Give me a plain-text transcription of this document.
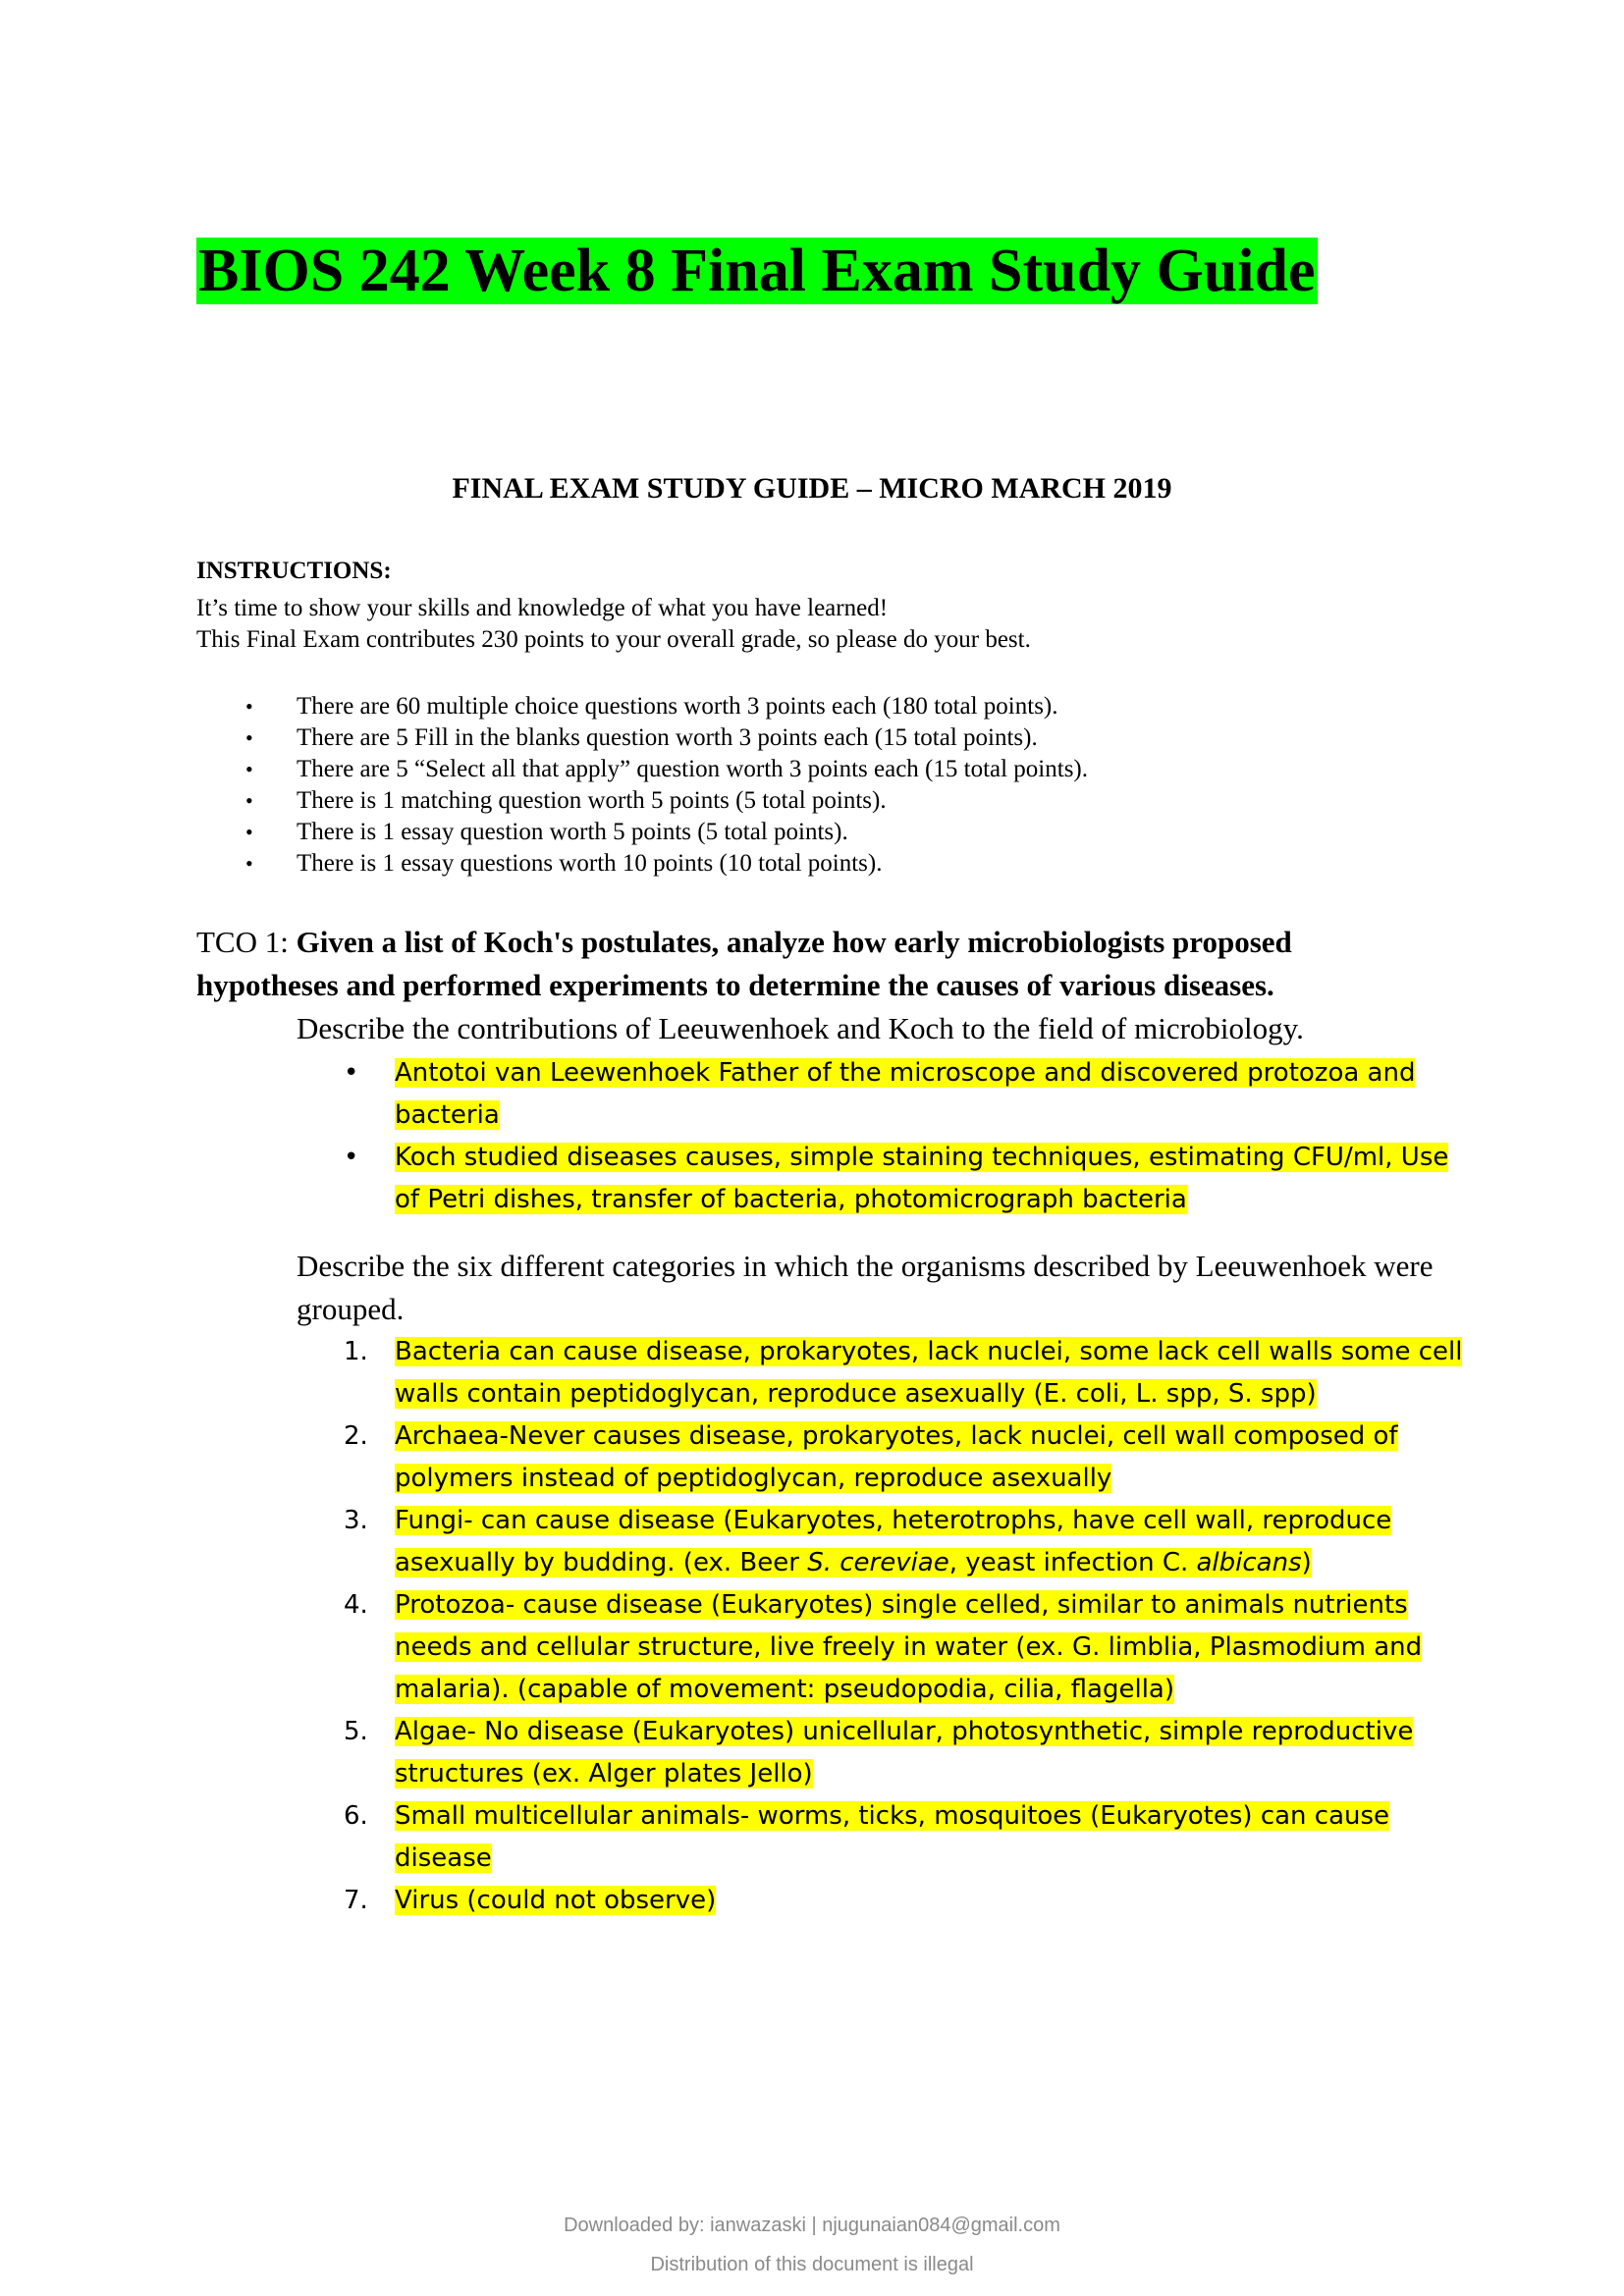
BIOS 242 Week 8 Final Exam Study Guide

FINAL EXAM STUDY GUIDE – MICRO MARCH 2019

INSTRUCTIONS:

It’s time to show your skills and knowledge of what you have learned!

This Final Exam contributes 230 points to your overall grade, so please do your best.

• There are 60 multiple choice questions worth 3 points each (180 total points).
• There are 5 Fill in the blanks question worth 3 points each (15 total points).
• There are 5 “Select all that apply” question worth 3 points each (15 total points).
• There is 1 matching question worth 5 points (5 total points).
• There is 1 essay question worth 5 points (5 total points).
• There is 1 essay questions worth 10 points (10 total points).

TCO 1: Given a list of Koch's postulates, analyze how early microbiologists proposed hypotheses and performed experiments to determine the causes of various diseases.

Describe the contributions of Leeuwenhoek and Koch to the field of microbiology.

• Antotoi van Leewenhoek Father of the microscope and discovered protozoa and bacteria
• Koch studied diseases causes, simple staining techniques, estimating CFU/ml, Use of Petri dishes, transfer of bacteria, photomicrograph bacteria

Describe the six different categories in which the organisms described by Leeuwenhoek were grouped.

1. Bacteria can cause disease, prokaryotes, lack nuclei, some lack cell walls some cell walls contain peptidoglycan, reproduce asexually (E. coli, L. spp, S. spp)
2. Archaea-Never causes disease, prokaryotes, lack nuclei, cell wall composed of polymers instead of peptidoglycan, reproduce asexually
3. Fungi- can cause disease (Eukaryotes, heterotrophs, have cell wall, reproduce asexually by budding. (ex. Beer S. cereviae, yeast infection C. albicans)
4. Protozoa- cause disease (Eukaryotes) single celled, similar to animals nutrients needs and cellular structure, live freely in water (ex. G. limblia, Plasmodium and malaria). (capable of movement: pseudopodia, cilia, flagella)
5. Algae- No disease (Eukaryotes) unicellular, photosynthetic, simple reproductive structures (ex. Alger plates Jello)
6. Small multicellular animals- worms, ticks, mosquitoes (Eukaryotes) can cause disease
7. Virus (could not observe)

Downloaded by: ianwazaski | njugunaian084@gmail.com

Distribution of this document is illegal
